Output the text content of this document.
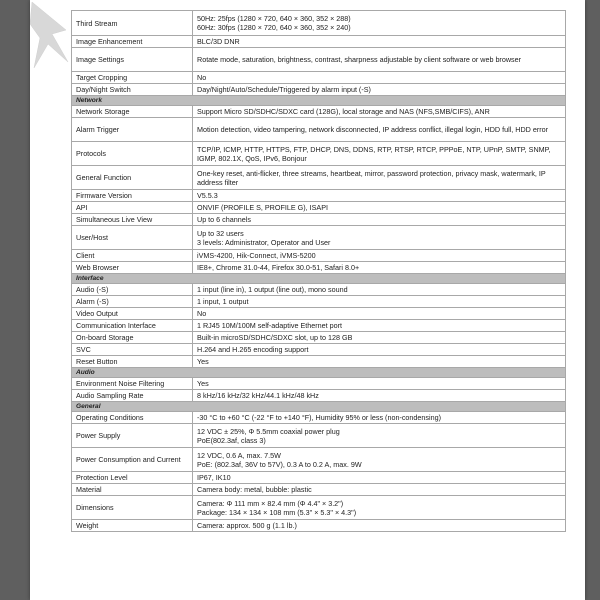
Third Stream	50Hz: 25fps (1280 × 720, 640 × 360, 352 × 288)
60Hz: 30fps (1280 × 720, 640 × 360, 352 × 240)

Image Enhancement	BLC/3D DNR

Image Settings	Rotate mode, saturation, brightness, contrast, sharpness adjustable by client software or web browser

Target Cropping	No

Day/Night Switch	Day/Night/Auto/Schedule/Triggered by alarm input (-S)

Network	
Network Storage	Support Micro SD/SDHC/SDXC card (128G), local storage and NAS (NFS,SMB/CIFS), ANR

Alarm Trigger	Motion detection, video tampering, network disconnected, IP address conflict, illegal login, HDD full, HDD error

Protocols	TCP/IP, ICMP, HTTP, HTTPS, FTP, DHCP, DNS, DDNS, RTP, RTSP, RTCP, PPPoE, NTP, UPnP, SMTP, SNMP, IGMP, 802.1X, QoS, IPv6, Bonjour

General Function	One-key reset, anti-flicker, three streams, heartbeat, mirror, password protection, privacy mask, watermark, IP address filter

Firmware Version	V5.5.3

API	ONVIF (PROFILE S, PROFILE G), ISAPI

Simultaneous Live View	Up to 6 channels

User/Host	Up to 32 users
3 levels: Administrator, Operator and User

Client	iVMS-4200, Hik-Connect, iVMS-5200

Web Browser	IE8+, Chrome 31.0-44, Firefox 30.0-51, Safari 8.0+

Interface	
Audio (-S)	1 input (line in), 1 output (line out), mono sound

Alarm (-S)	1 input, 1 output

Video Output	No

Communication Interface	1 RJ45 10M/100M self-adaptive Ethernet port

On-board Storage	Built-in microSD/SDHC/SDXC slot, up to 128 GB

SVC	H.264 and H.265 encoding support

Reset Button	Yes

Audio	
Environment Noise Filtering	Yes

Audio Sampling Rate	8 kHz/16 kHz/32 kHz/44.1 kHz/48 kHz

General	
Operating Conditions	-30 °C to +60 °C (-22 °F to +140 °F), Humidity 95% or less (non-condensing)

Power Supply	12 VDC ± 25%, Φ 5.5mm coaxial power plug
PoE(802.3af, class 3)

Power Consumption and Current	12 VDC, 0.6 A, max. 7.5W
PoE: (802.3af, 36V to 57V), 0.3 A to 0.2 A, max. 9W

Protection Level	IP67, IK10

Material	Camera body: metal, bubble: plastic

Dimensions	Camera: Φ 111 mm × 82.4 mm (Φ 4.4" × 3.2")
Package: 134 × 134 × 108 mm (5.3" × 5.3" × 4.3")

Weight	Camera: approx. 500 g (1.1 lb.)
